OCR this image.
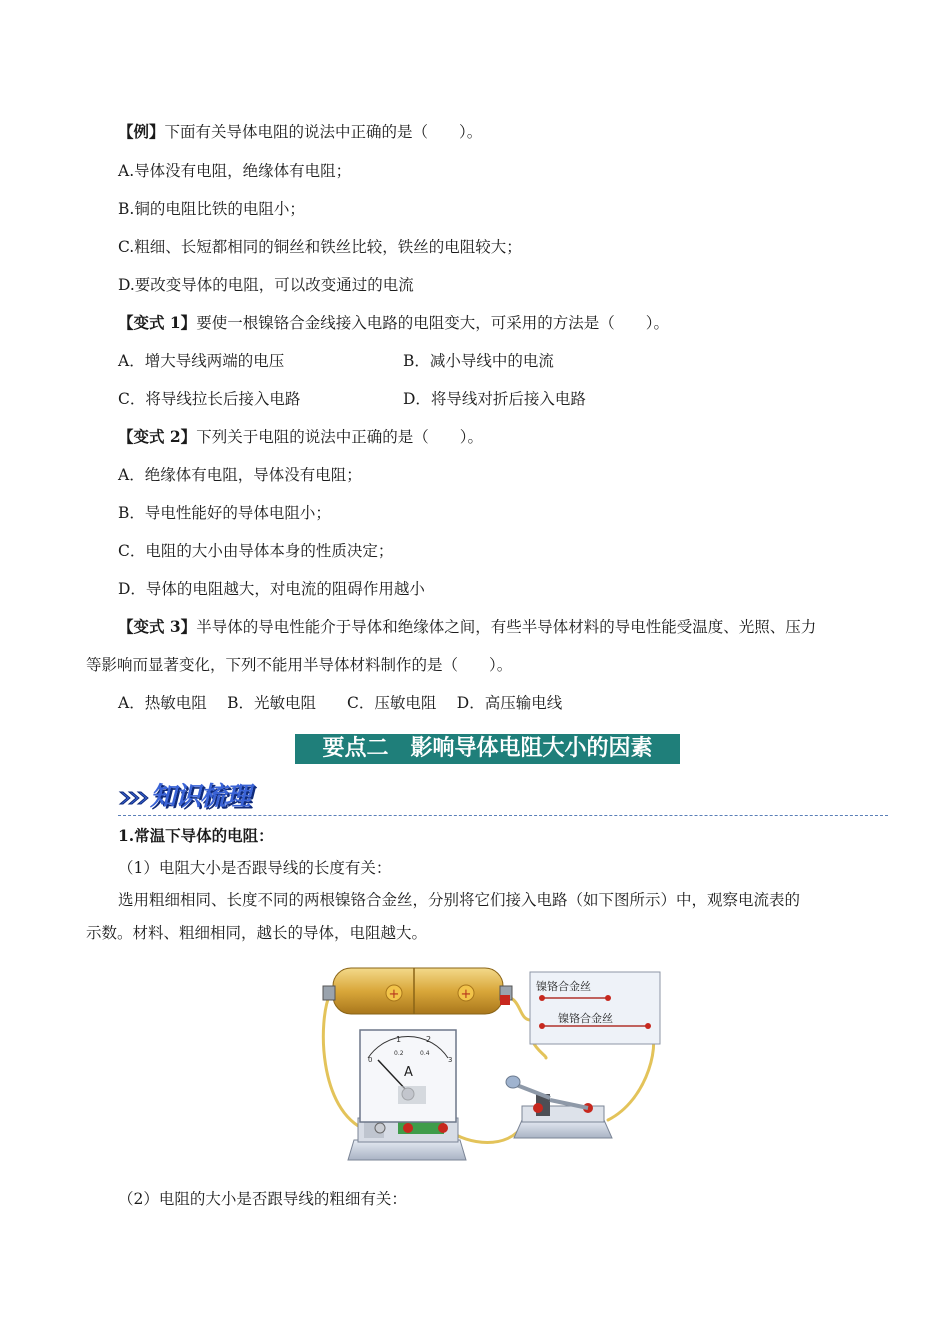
【例】下面有关导体电阻的说法中正确的是（　　）。
A.导体没有电阻，绝缘体有电阻；
B.铜的电阻比铁的电阻小；
C.粗细、长短都相同的铜丝和铁丝比较，铁丝的电阻较大；
D.要改变导体的电阻，可以改变通过的电流
【变式 1】要使一根镍铬合金线接入电路的电阻变大，可采用的方法是（　　）。
A．增大导线两端的电压	B．减小导线中的电流
C．将导线拉长后接入电路	D．将导线对折后接入电路
【变式 2】下列关于电阻的说法中正确的是（　　）。
A．绝缘体有电阻，导体没有电阻；
B．导电性能好的导体电阻小；
C．电阻的大小由导体本身的性质决定；
D．导体的电阻越大，对电流的阻碍作用越小
【变式 3】半导体的导电性能介于导体和绝缘体之间，有些半导体材料的导电性能受温度、光照、压力
等影响而显著变化，下列不能用半导体材料制作的是（　　）。
A．热敏电阻　 B．光敏电阻　　C．压敏电阻　 D．高压输电线
要点二　影响导体电阻大小的因素
知识梳理
1.常温下导体的电阻：
（1）电阻大小是否跟导线的长度有关：
选用粗细相同、长度不同的两根镍铬合金丝，分别将它们接入电路（如下图所示）中，观察电流表的
示数。材料、粗细相同，越长的导体，电阻越大。
+	+
镍铬合金丝
镍铬合金丝
1	2
0.2	0.4
0	3
A
（2）电阻的大小是否跟导线的粗细有关：
